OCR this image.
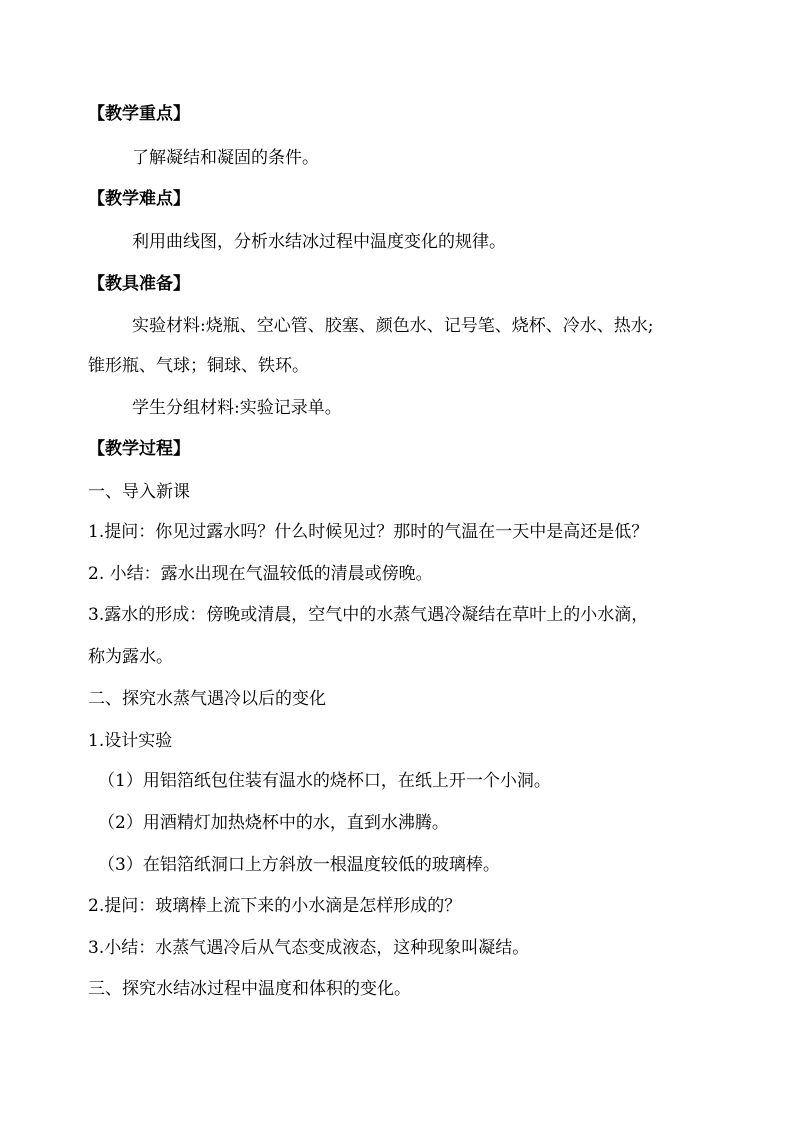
【教学重点】
了解凝结和凝固的条件。
【教学难点】
利用曲线图，分析水结冰过程中温度变化的规律。
【教具准备】
实验材料:烧瓶、空心管、胶塞、颜色水、记号笔、烧杯、冷水、热水;
锥形瓶、气球；铜球、铁环。
学生分组材料:实验记录单。
【教学过程】
一、导入新课
1.提问：你见过露水吗？什么时候见过？那时的气温在一天中是高还是低？
2. 小结：露水出现在气温较低的清晨或傍晚。
3.露水的形成：傍晚或清晨，空气中的水蒸气遇冷凝结在草叶上的小水滴，
称为露水。
二、探究水蒸气遇冷以后的变化
1.设计实验
（1）用铝箔纸包住装有温水的烧杯口，在纸上开一个小洞。
（2）用酒精灯加热烧杯中的水，直到水沸腾。
（3）在铝箔纸洞口上方斜放一根温度较低的玻璃棒。
2.提问：玻璃棒上流下来的小水滴是怎样形成的？
3.小结：水蒸气遇冷后从气态变成液态，这种现象叫凝结。
三、探究水结冰过程中温度和体积的变化。
